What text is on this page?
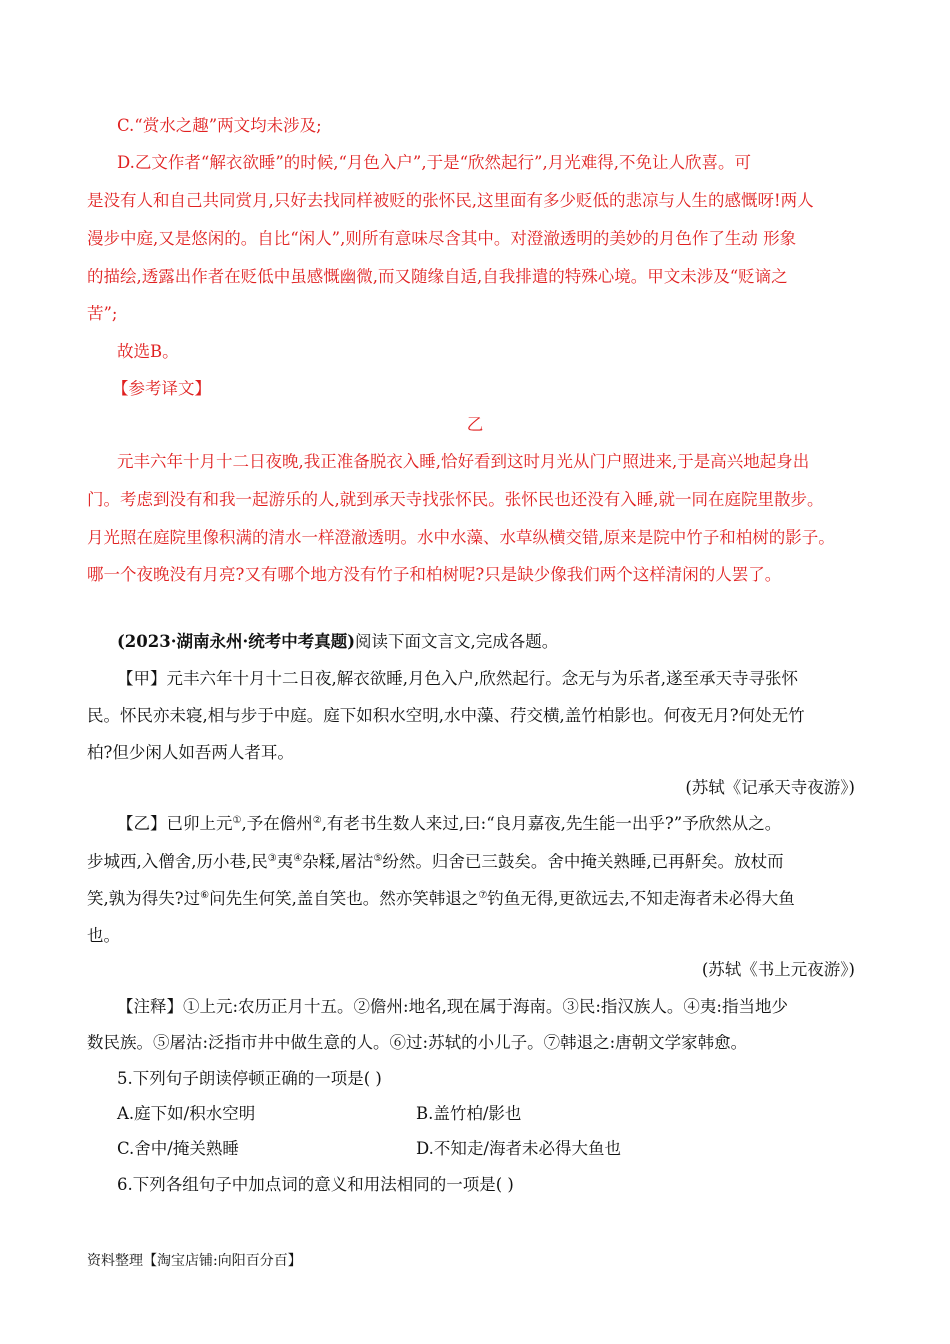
C.“赏水之趣”两文均未涉及;
D.乙文作者“解衣欲睡”的时候,“月色入户”,于是“欣然起行”,月光难得,不免让人欣喜。可
是没有人和自己共同赏月,只好去找同样被贬的张怀民,这里面有多少贬低的悲凉与人生的感慨呀!两人
漫步中庭,又是悠闲的。自比“闲人”,则所有意味尽含其中。对澄澈透明的美妙的月色作了生动 形象
的描绘,透露出作者在贬低中虽感慨幽微,而又随缘自适,自我排遣的特殊心境。甲文未涉及“贬谪之
苦”;
故选B。
【参考译文】
乙
元丰六年十月十二日夜晚,我正准备脱衣入睡,恰好看到这时月光从门户照进来,于是高兴地起身出
门。考虑到没有和我一起游乐的人,就到承天寺找张怀民。张怀民也还没有入睡,就一同在庭院里散步。
月光照在庭院里像积满的清水一样澄澈透明。水中水藻、水草纵横交错,原来是院中竹子和柏树的影子。
哪一个夜晚没有月亮?又有哪个地方没有竹子和柏树呢?只是缺少像我们两个这样清闲的人罢了。
(2023·湖南永州·统考中考真题)阅读下面文言文,完成各题。
【甲】元丰六年十月十二日夜,解衣欲睡,月色入户,欣然起行。念无与为乐者,遂至承天寺寻张怀
民。怀民亦未寝,相与步于中庭。庭下如积水空明,水中藻、荇交横,盖竹柏影也。何夜无月?何处无竹
柏?但少闲人如吾两人者耳。
(苏轼《记承天寺夜游》)
【乙】已卯上元①,予在儋州②,有老书生数人来过,曰:“良月嘉夜,先生能一出乎?”予欣然从之。
步城西,入僧舍,历小巷,民③夷④杂糅,屠沽⑤纷然。归舍已三鼓矣。舍中掩关熟睡,已再鼾矣。放杖而
笑,孰为得失?过⑥问先生何笑,盖自笑也。然亦笑韩退之⑦钓鱼无得,更欲远去,不知走海者未必得大鱼
也。
(苏轼《书上元夜游》)
【注释】①上元:农历正月十五。②儋州:地名,现在属于海南。③民:指汉族人。④夷:指当地少
数民族。⑤屠沽:泛指市井中做生意的人。⑥过:苏轼的小儿子。⑦韩退之:唐朝文学家韩愈。
5.下列句子朗读停顿正确的一项是( )
A.庭下如/积水空明	B.盖竹柏/影也
C.舍中/掩关熟睡	D.不知走/海者未必得大鱼也
6.下列各组句子中加点词的意义和用法相同的一项是( )
资料整理【淘宝店铺:向阳百分百】
